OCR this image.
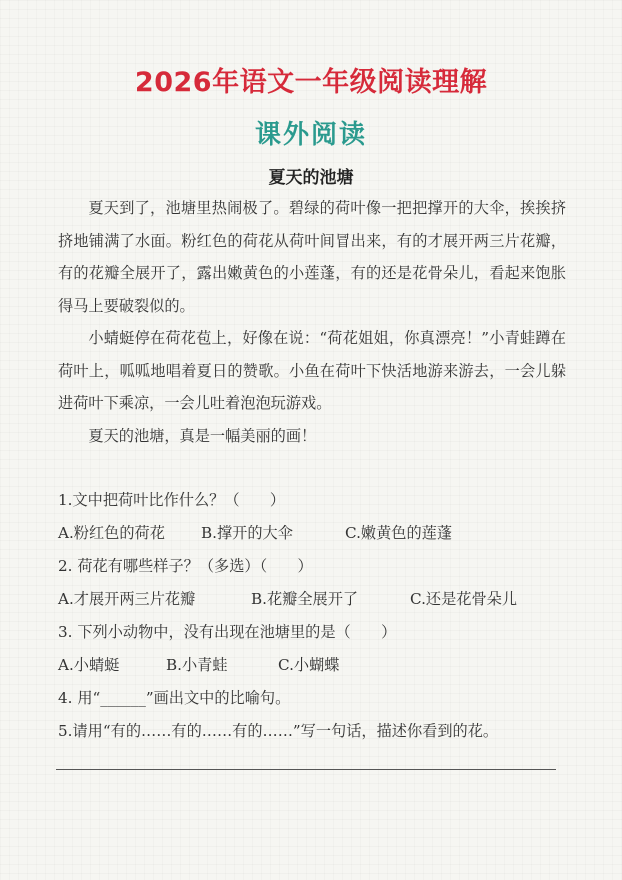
2026年语文一年级阅读理解
课外阅读
夏天的池塘

夏天到了，池塘里热闹极了。碧绿的荷叶像一把把撑开的大伞，挨挨挤挤地铺满了水面。粉红色的荷花从荷叶间冒出来，有的才展开两三片花瓣，有的花瓣全展开了，露出嫩黄色的小莲蓬，有的还是花骨朵儿，看起来饱胀得马上要破裂似的。

小蜻蜓停在荷花苞上，好像在说：“荷花姐姐，你真漂亮！”小青蛙蹲在荷叶上，呱呱地唱着夏日的赞歌。小鱼在荷叶下快活地游来游去，一会儿躲进荷叶下乘凉，一会儿吐着泡泡玩游戏。

夏天的池塘，真是一幅美丽的画！

1.文中把荷叶比作什么？（　　）
A.粉红色的荷花 B.撑开的大伞	C.嫩黄色的莲蓬
2. 荷花有哪些样子？（多选）（　　）
A.才展开两三片花瓣	B.花瓣全展开了	C.还是花骨朵儿
3. 下列小动物中，没有出现在池塘里的是（　　）
A.小蜻蜓	B.小青蛙	C.小蝴蝶
4. 用“______”画出文中的比喻句。
5.请用“有的……有的……有的……”写一句话，描述你看到的花。
